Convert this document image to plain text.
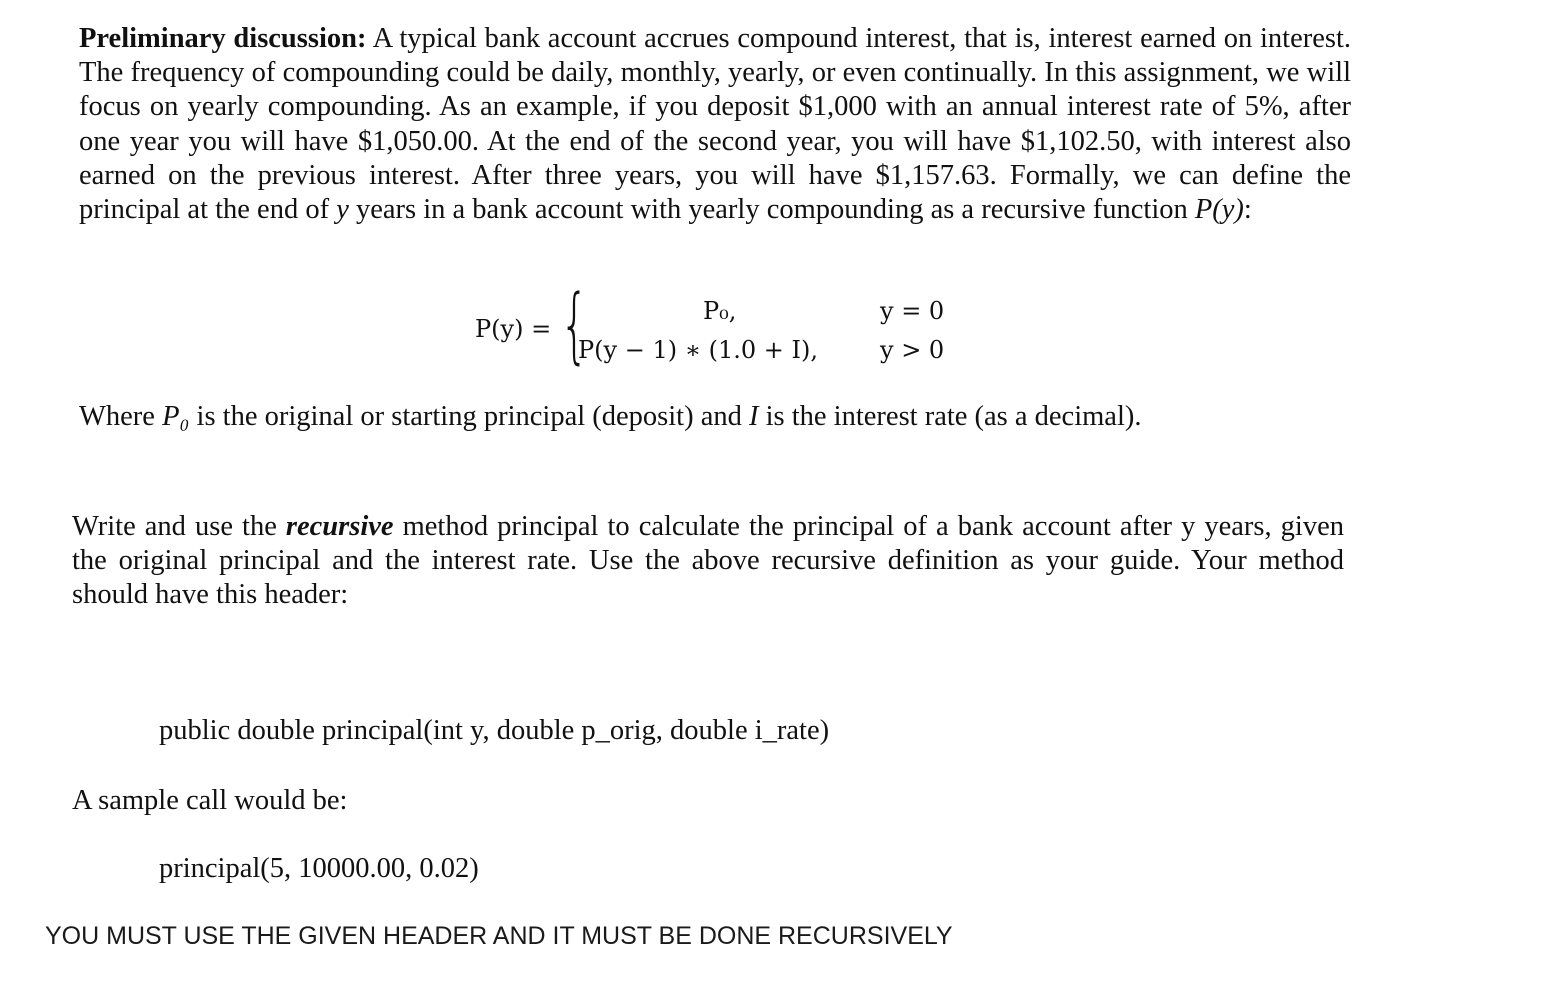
Preliminary discussion: A typical bank account accrues compound interest, that is, interest earned on interest. The frequency of compounding could be daily, monthly, yearly, or even continually. In this assignment, we will focus on yearly compounding. As an example, if you deposit $1,000 with an annual interest rate of 5%, after one year you will have $1,050.00. At the end of the second year, you will have $1,102.50, with interest also earned on the previous interest. After three years, you will have $1,157.63. Formally, we can define the principal at the end of y years in a bank account with yearly compounding as a recursive function P(y):

P(y) = {	P₀,	y = 0
P(y − 1) ∗ (1.0 + I),	y > 0

Where P₀ is the original or starting principal (deposit) and I is the interest rate (as a decimal).

Write and use the recursive method principal to calculate the principal of a bank account after y years, given the original principal and the interest rate. Use the above recursive definition as your guide. Your method should have this header:

public double principal(int y, double p_orig, double i_rate)

A sample call would be:

principal(5, 10000.00, 0.02)

YOU MUST USE THE GIVEN HEADER AND IT MUST BE DONE RECURSIVELY
